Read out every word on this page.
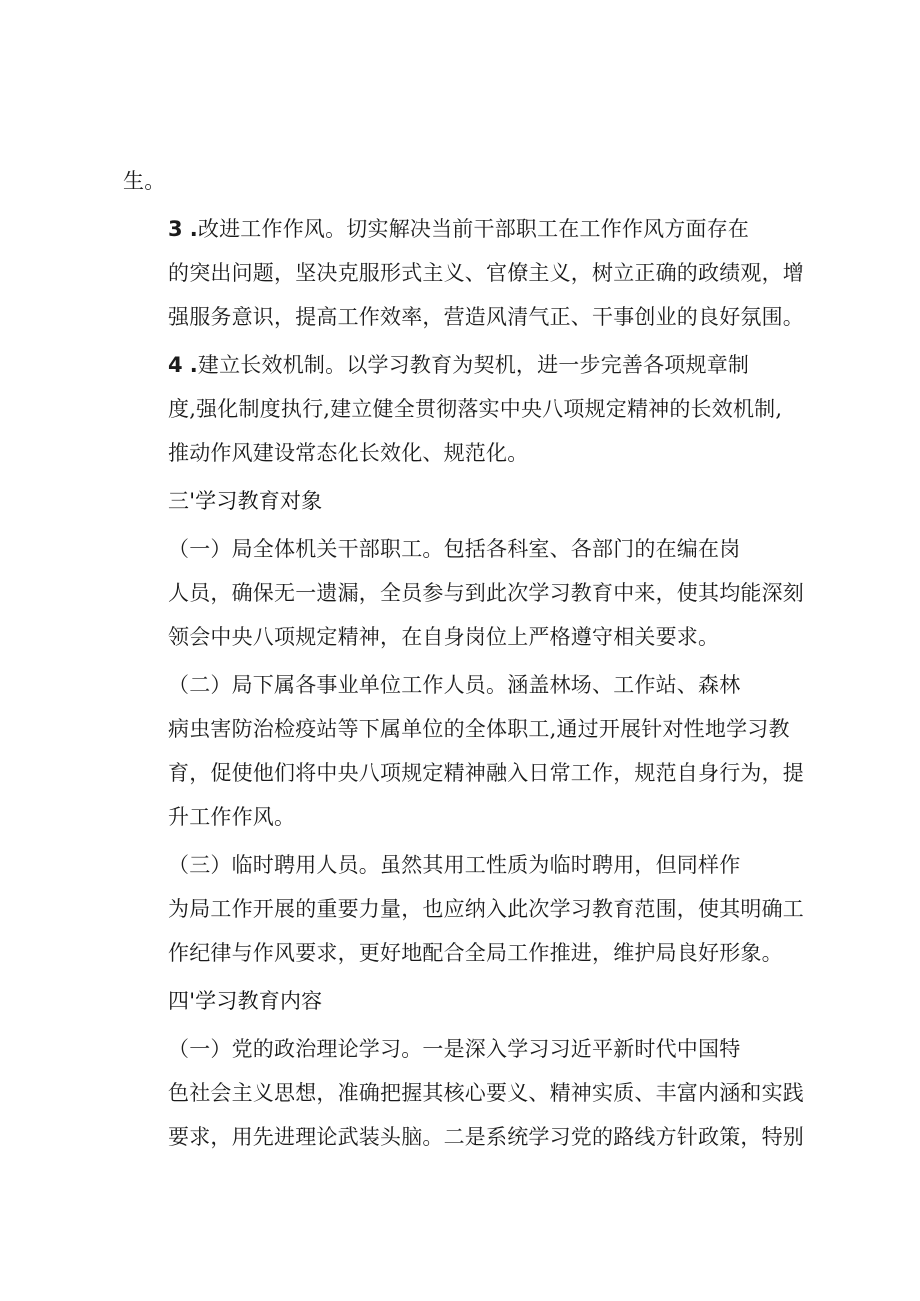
生。

3 .改进工作作风。切实解决当前干部职工在工作作风方面存在
的突出问题，坚决克服形式主义、官僚主义，树立正确的政绩观，增
强服务意识，提高工作效率，营造风清气正、干事创业的良好氛围。

4 .建立长效机制。以学习教育为契机，进一步完善各项规章制
度,强化制度执行,建立健全贯彻落实中央八项规定精神的长效机制,
推动作风建设常态化长效化、规范化。

三'学习教育对象

（一）局全体机关干部职工。包括各科室、各部门的在编在岗
人员，确保无一遗漏，全员参与到此次学习教育中来，使其均能深刻
领会中央八项规定精神，在自身岗位上严格遵守相关要求。

（二）局下属各事业单位工作人员。涵盖林场、工作站、森林
病虫害防治检疫站等下属单位的全体职工,通过开展针对性地学习教
育，促使他们将中央八项规定精神融入日常工作，规范自身行为，提
升工作作风。

（三）临时聘用人员。虽然其用工性质为临时聘用，但同样作
为局工作开展的重要力量，也应纳入此次学习教育范围，使其明确工
作纪律与作风要求，更好地配合全局工作推进，维护局良好形象。

四'学习教育内容

（一）党的政治理论学习。一是深入学习习近平新时代中国特
色社会主义思想，准确把握其核心要义、精神实质、丰富内涵和实践
要求，用先进理论武装头脑。二是系统学习党的路线方针政策，特别
